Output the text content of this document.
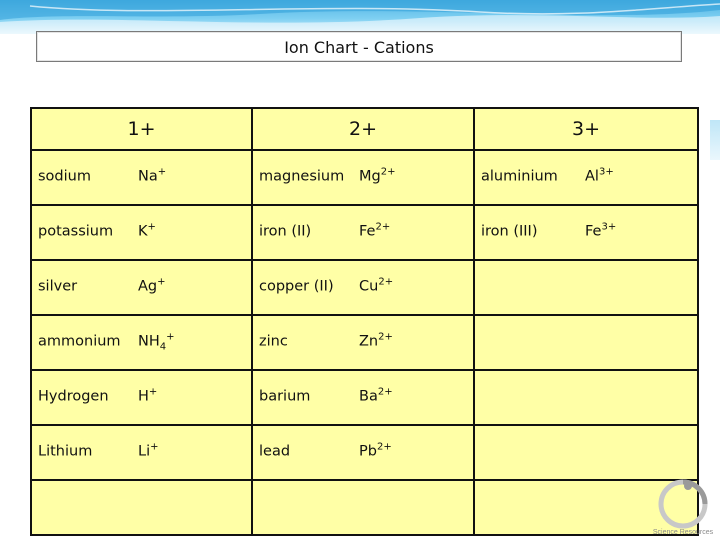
Ion Chart - Cations
1+	2+	3+

sodium Na+	magnesium $Mg^{2+}$	aluminium $Al^{3+}$

potassium K+	iron (II) $Fe^{2+}$	iron (III) $Fe^{3+}$

silver Ag+	copper (II) $Cu^{2+}$

ammonium $NH_4^+$	zinc $Zn^{2+}$

Hydrogen H+	barium $Ba^{2+}$

Lithium Li+	lead $Pb^{2+}$

Science Resources
